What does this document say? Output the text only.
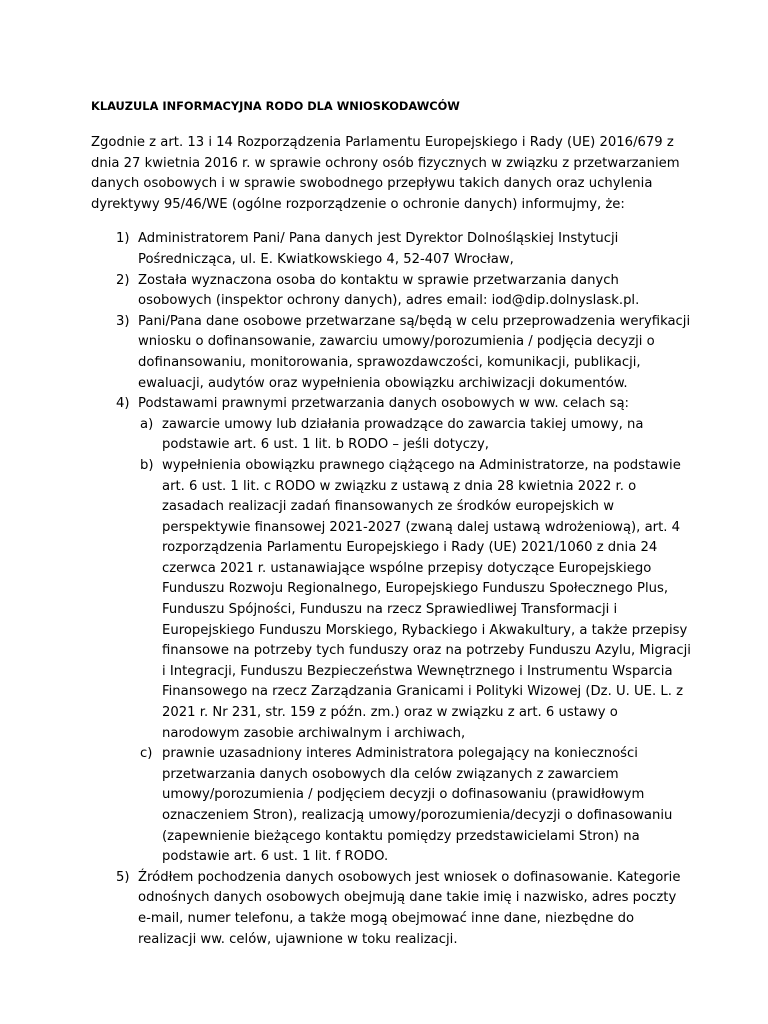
KLAUZULA INFORMACYJNA RODO DLA WNIOSKODAWCÓW
Zgodnie z art. 13 i 14 Rozporządzenia Parlamentu Europejskiego i Rady (UE) 2016/679 z dnia 27 kwietnia 2016 r. w sprawie ochrony osób fizycznych w związku z przetwarzaniem danych osobowych i w sprawie swobodnego przepływu takich danych oraz uchylenia dyrektywy 95/46/WE (ogólne rozporządzenie o ochronie danych) informujmy, że:
1) Administratorem Pani/ Pana danych jest Dyrektor Dolnośląskiej Instytucji Pośrednicząca, ul. E. Kwiatkowskiego 4, 52-407 Wrocław,
2) Została wyznaczona osoba do kontaktu w sprawie przetwarzania danych osobowych (inspektor ochrony danych), adres email: iod@dip.dolnyslask.pl.
3) Pani/Pana dane osobowe przetwarzane są/będą w celu przeprowadzenia weryfikacji wniosku o dofinansowanie, zawarciu umowy/porozumienia / podjęcia decyzji o dofinansowaniu, monitorowania, sprawozdawczości, komunikacji, publikacji, ewaluacji, audytów oraz wypełnienia obowiązku archiwizacji dokumentów.
4) Podstawami prawnymi przetwarzania danych osobowych w ww. celach są:
a) zawarcie umowy lub działania prowadzące do zawarcia takiej umowy, na podstawie art. 6 ust. 1 lit. b RODO – jeśli dotyczy,
b) wypełnienia obowiązku prawnego ciążącego na Administratorze, na podstawie art. 6 ust. 1 lit. c RODO w związku z ustawą z dnia 28 kwietnia 2022 r. o zasadach realizacji zadań finansowanych ze środków europejskich w perspektywie finansowej 2021-2027 (zwaną dalej ustawą wdrożeniową), art. 4 rozporządzenia Parlamentu Europejskiego i Rady (UE) 2021/1060 z dnia 24 czerwca 2021 r. ustanawiające wspólne przepisy dotyczące Europejskiego Funduszu Rozwoju Regionalnego, Europejskiego Funduszu Społecznego Plus, Funduszu Spójności, Funduszu na rzecz Sprawiedliwej Transformacji i Europejskiego Funduszu Morskiego, Rybackiego i Akwakultury, a także przepisy finansowe na potrzeby tych funduszy oraz na potrzeby Funduszu Azylu, Migracji i Integracji, Funduszu Bezpieczeństwa Wewnętrznego i Instrumentu Wsparcia Finansowego na rzecz Zarządzania Granicami i Polityki Wizowej (Dz. U. UE. L. z 2021 r. Nr 231, str. 159 z późn. zm.) oraz w związku z art. 6 ustawy o narodowym zasobie archiwalnym i archiwach,
c) prawnie uzasadniony interes Administratora polegający na konieczności przetwarzania danych osobowych dla celów związanych z zawarciem umowy/porozumienia / podjęciem decyzji o dofinasowaniu (prawidłowym oznaczeniem Stron), realizacją umowy/porozumienia/decyzji o dofinasowaniu (zapewnienie bieżącego kontaktu pomiędzy przedstawicielami Stron) na podstawie art. 6 ust. 1 lit. f RODO.
5) Źródłem pochodzenia danych osobowych jest wniosek o dofinasowanie. Kategorie odnośnych danych osobowych obejmują dane takie imię i nazwisko, adres poczty e-mail, numer telefonu, a także mogą obejmować inne dane, niezbędne do realizacji ww. celów, ujawnione w toku realizacji.
